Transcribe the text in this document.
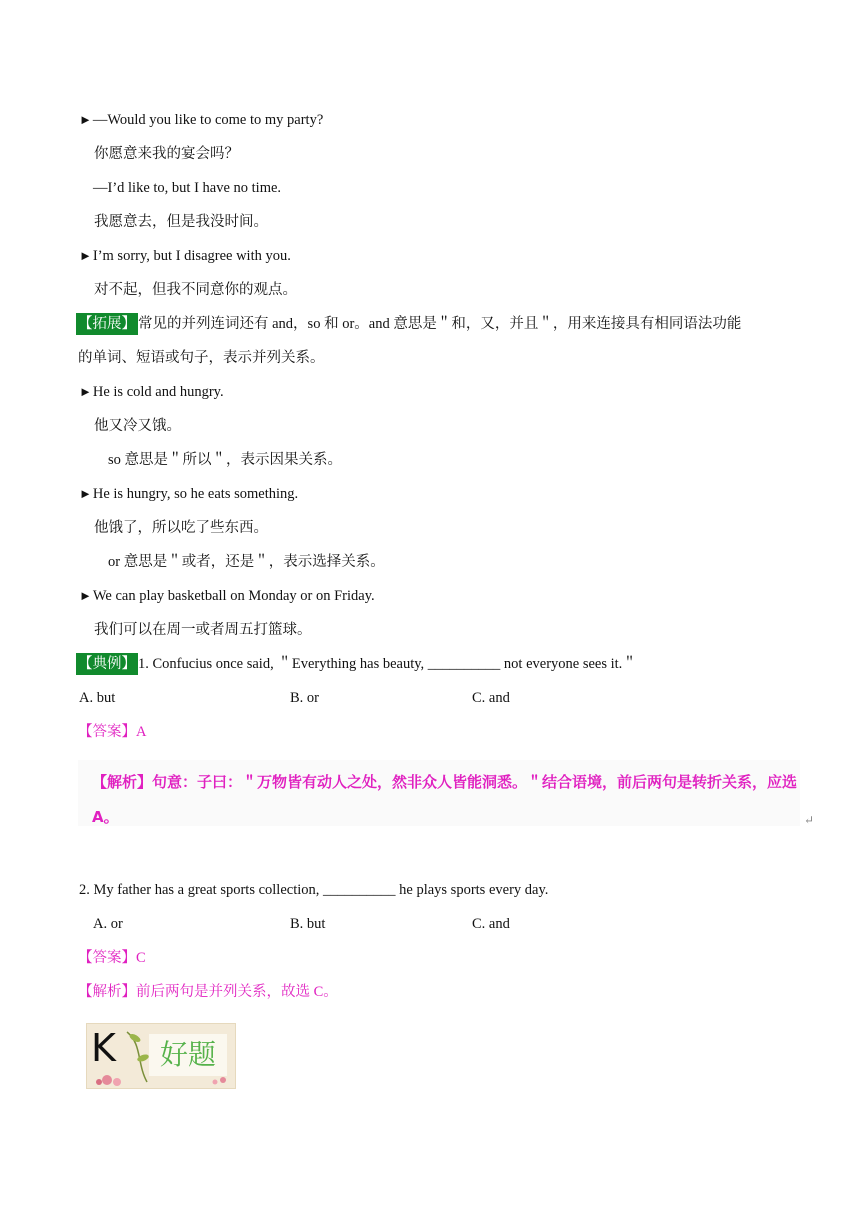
►—Would you like to come to my party?
你愿意来我的宴会吗？
—I’d like to, but I have no time.
我愿意去，但是我没时间。
►I’m sorry, but I disagree with you.
对不起，但我不同意你的观点。
【拓展】 常见的并列连词还有 and，so 和 or。and 意思是＂和，又，并且＂，用来连接具有相同语法功能
的单词、短语或句子，表示并列关系。
►He is cold and hungry.
他又冷又饿。
so 意思是＂所以＂，表示因果关系。
►He is hungry, so he eats something.
他饿了，所以吃了些东西。
or 意思是＂或者，还是＂，表示选择关系。
►We can play basketball on Monday or on Friday.
我们可以在周一或者周五打篮球。
【典例】 1. Confucius once said, ＂Everything has beauty, __________ not everyone sees it.＂
A. but	B. or	C. and
【答案】A
【解析】句意：子曰：＂万物皆有动人之处，然非众人皆能洞悉。＂结合语境，前后两句是转折关系，应选 A。	↵
2. My father has a great sports collection, __________ he plays sports every day.
A. or	B. but	C. and
【答案】C
【解析】前后两句是并列关系，故选 C。
K	好题
